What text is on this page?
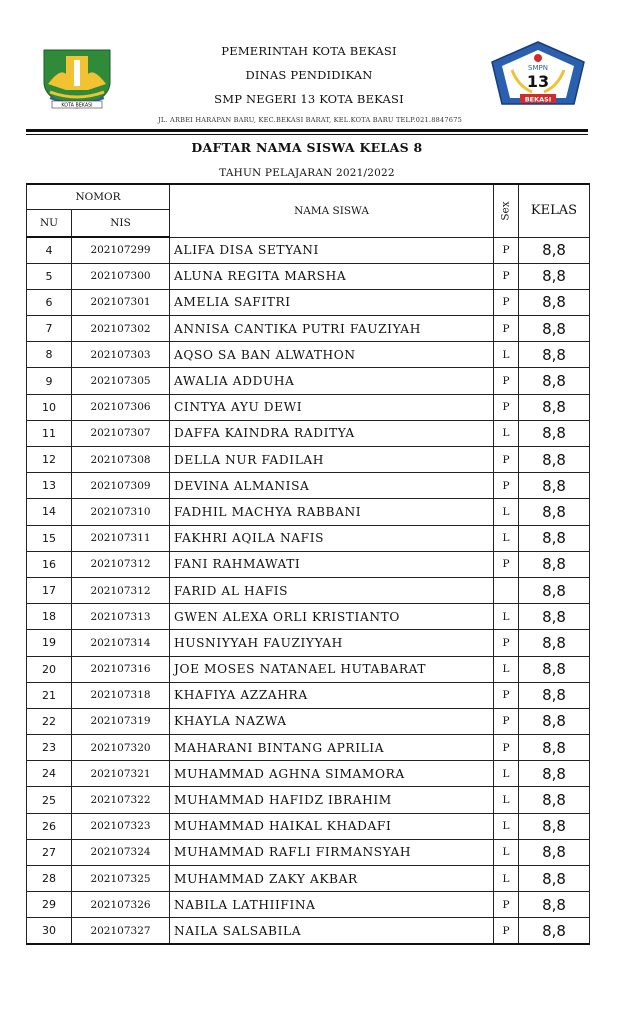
KOTA BEKASI
PEMERINTAH KOTA BEKASI
DINAS PENDIDIKAN
SMP NEGERI 13 KOTA BEKASI
JL. ARBEI HARAPAN BARU, KEC.BEKASI BARAT, KEL.KOTA BARU TELP.021.8847675
SMPN
13
BEKASI
DAFTAR NAMA SISWA KELAS 8
TAHUN PELAJARAN 2021/2022
NOMOR		NAMA SISWA	Sex	KELAS
NU	NIS			
4	202107299	ALIFA DISA SETYANI	P	8,8
5	202107300	ALUNA REGITA MARSHA	P	8,8
6	202107301	AMELIA SAFITRI	P	8,8
7	202107302	ANNISA CANTIKA PUTRI FAUZIYAH	P	8,8
8	202107303	AQSO SA BAN ALWATHON	L	8,8
9	202107305	AWALIA ADDUHA	P	8,8
10	202107306	CINTYA AYU DEWI	P	8,8
11	202107307	DAFFA KAINDRA RADITYA	L	8,8
12	202107308	DELLA NUR FADILAH	P	8,8
13	202107309	DEVINA ALMANISA	P	8,8
14	202107310	FADHIL MACHYA RABBANI	L	8,8
15	202107311	FAKHRI AQILA NAFIS	L	8,8
16	202107312	FANI RAHMAWATI	P	8,8
17	202107312	FARID AL HAFIS		8,8
18	202107313	GWEN ALEXA ORLI KRISTIANTO	L	8,8
19	202107314	HUSNIYYAH FAUZIYYAH	P	8,8
20	202107316	JOE MOSES NATANAEL HUTABARAT	L	8,8
21	202107318	KHAFIYA AZZAHRA	P	8,8
22	202107319	KHAYLA NAZWA	P	8,8
23	202107320	MAHARANI BINTANG APRILIA	P	8,8
24	202107321	MUHAMMAD AGHNA SIMAMORA	L	8,8
25	202107322	MUHAMMAD HAFIDZ IBRAHIM	L	8,8
26	202107323	MUHAMMAD HAIKAL KHADAFI	L	8,8
27	202107324	MUHAMMAD RAFLI FIRMANSYAH	L	8,8
28	202107325	MUHAMMAD ZAKY AKBAR	L	8,8
29	202107326	NABILA LATHIIFINA	P	8,8
30	202107327	NAILA SALSABILA	P	8,8
